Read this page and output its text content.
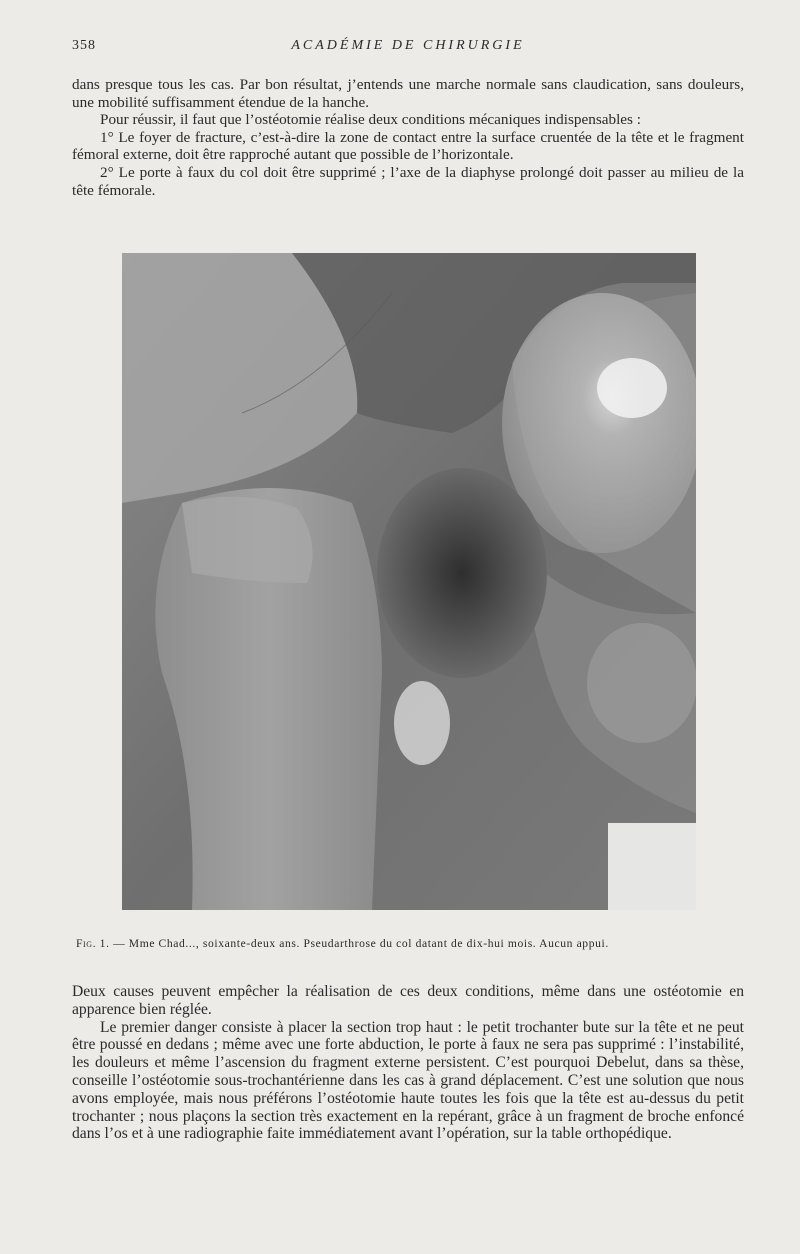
358	ACADÉMIE DE CHIRURGIE

dans presque tous les cas. Par bon résultat, j’entends une marche normale sans claudication, sans douleurs, une mobilité suffisamment étendue de la hanche.

Pour réussir, il faut que l’ostéotomie réalise deux conditions mécaniques indispensables :

1° Le foyer de fracture, c’est-à-dire la zone de contact entre la surface cruentée de la tête et le fragment fémoral externe, doit être rapproché autant que possible de l’horizontale.

2° Le porte à faux du col doit être supprimé ; l’axe de la diaphyse prolongé doit passer au milieu de la tête fémorale.

Fig. 1. — Mme Chad..., soixante-deux ans. Pseudarthrose du col datant de dix-hui mois. Aucun appui.

Deux causes peuvent empêcher la réalisation de ces deux conditions, même dans une ostéotomie en apparence bien réglée.

Le premier danger consiste à placer la section trop haut : le petit trochanter bute sur la tête et ne peut être poussé en dedans ; même avec une forte abduction, le porte à faux ne sera pas supprimé : l’instabilité, les douleurs et même l’ascension du fragment externe persistent. C’est pourquoi Debelut, dans sa thèse, conseille l’ostéotomie sous-trochantérienne dans les cas à grand déplacement. C’est une solution que nous avons employée, mais nous préférons l’ostéotomie haute toutes les fois que la tête est au-dessus du petit trochanter ; nous plaçons la section très exactement en la repérant, grâce à un fragment de broche enfoncé dans l’os et à une radiographie faite immédiatement avant l’opération, sur la table orthopédique.
